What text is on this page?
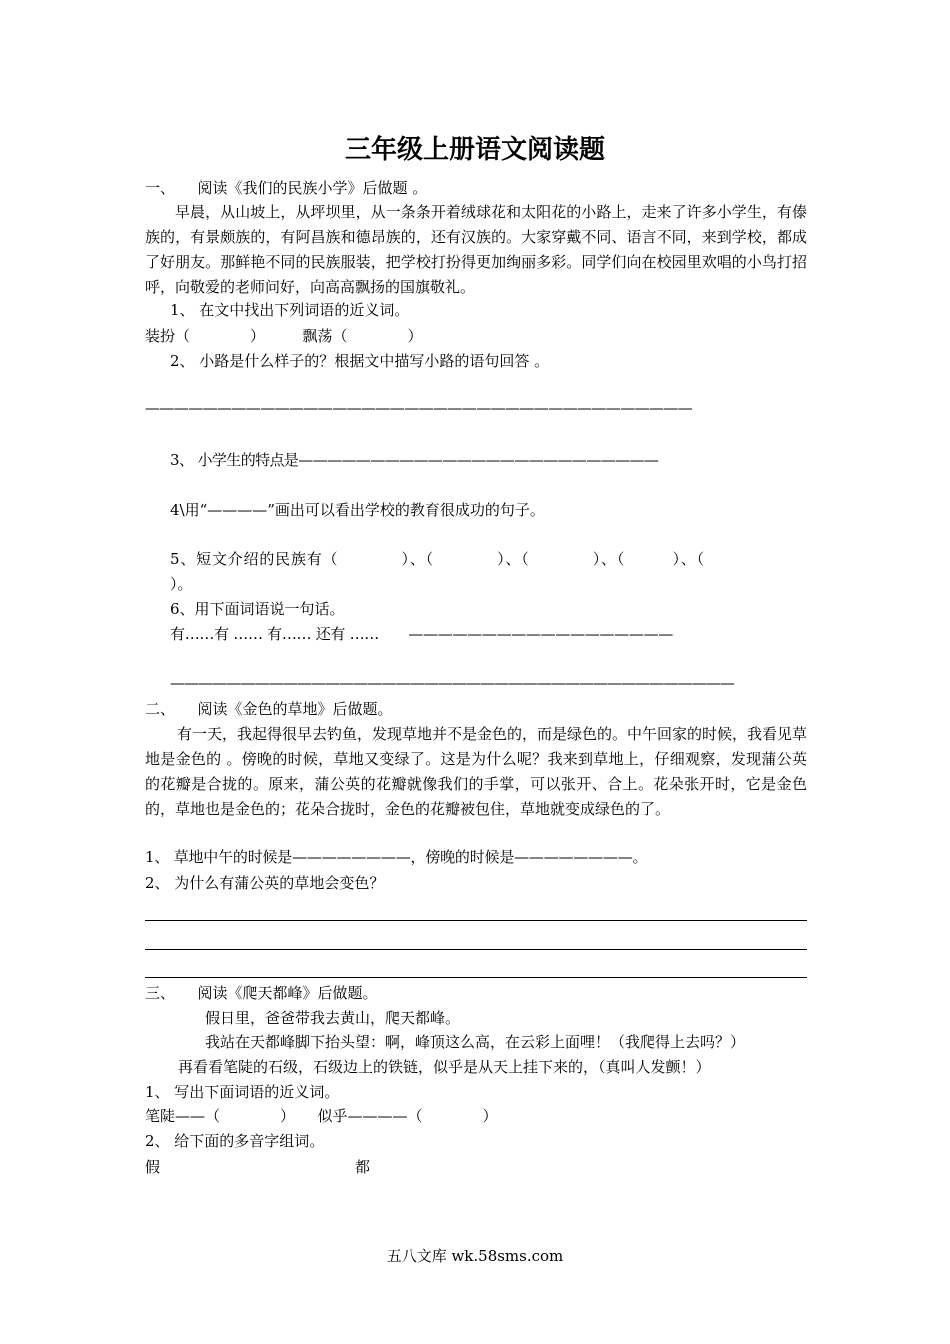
三年级上册语文阅读题
一、　　阅读《我们的民族小学》后做题 。
早晨，从山坡上，从坪坝里，从一条条开着绒球花和太阳花的小路上，走来了许多小学生，有傣族的，有景颇族的，有阿昌族和德昂族的，还有汉族的。大家穿戴不同、语言不同，来到学校，都成了好朋友。那鲜艳不同的民族服装，把学校打扮得更加绚丽多彩。同学们向在校园里欢唱的小鸟打招呼，向敬爱的老师问好，向高高飘扬的国旗敬礼。
1、 在文中找出下列词语的近义词。
装扮（　　　　）　　　飘荡（　　　　）
2、 小路是什么样子的？根据文中描写小路的语句回答 。
——————————————————————————————————————
3、 小学生的特点是—————————————————————————
4\用“————”画出可以看出学校的教育很成功的句子。
5、短文介绍的民族有（　　　　）、（　　　　）、（　　　　）、（　　　）、（
）。
6、用下面词语说一句话。
有……有 …… 有…… 还有 ……　　——————————————————
————————————————————————————————————————
二、　　阅读《金色的草地》后做题。
有一天，我起得很早去钓鱼，发现草地并不是金色的，而是绿色的。中午回家的时候，我看见草地是金色的 。傍晚的时候，草地又变绿了。这是为什么呢？我来到草地上，仔细观察，发现蒲公英的花瓣是合拢的。原来，蒲公英的花瓣就像我们的手掌，可以张开、合上。花朵张开时，它是金色的，草地也是金色的；花朵合拢时，金色的花瓣被包住，草地就变成绿色的了。
1、 草地中午的时候是————————，傍晚的时候是————————。
2、 为什么有蒲公英的草地会变色？
三、　　阅读《爬天都峰》后做题。
假日里，爸爸带我去黄山，爬天都峰。
我站在天都峰脚下抬头望：啊，峰顶这么高，在云彩上面哩！（我爬得上去吗？）
再看看笔陡的石级，石级边上的铁链，似乎是从天上挂下来的，（真叫人发颤！）
1、 写出下面词语的近义词。
笔陡——（　　　　）　　似乎————（　　　　）
2、 给下面的多音字组词。
假	都
五八文库 wk.58sms.com
